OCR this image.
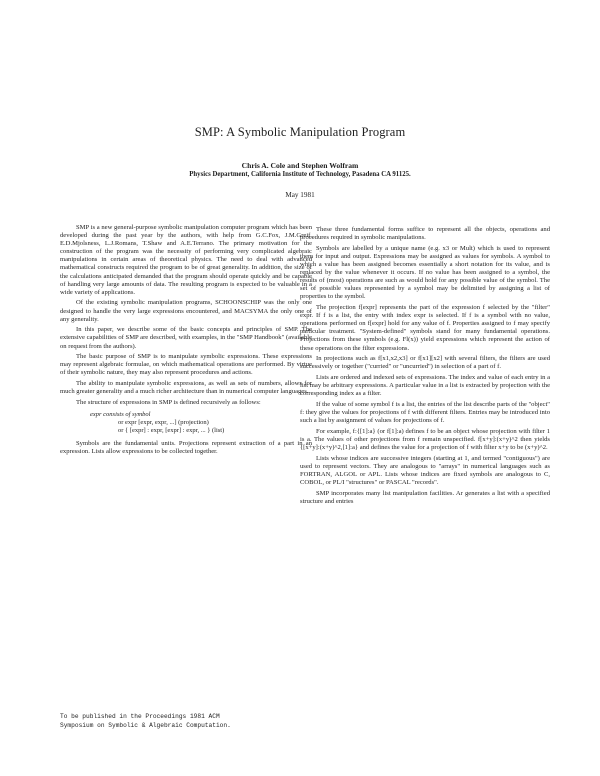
SMP: A Symbolic Manipulation Program
Chris A. Cole and Stephen Wolfram
Physics Department, California Institute of Technology, Pasadena CA 91125.
May 1981

SMP is a new general-purpose symbolic manipulation computer program which has been developed during the past year by the authors, with help from G.C.Fox, J.M.Greif, E.D.Mjolsness, L.J.Romans, T.Shaw and A.E.Terrano. The primary motivation for the construction of the program was the necessity of performing very complicated algebraic manipulations in certain areas of theoretical physics. The need to deal with advanced mathematical constructs required the program to be of great generality. In addition, the size of the calculations anticipated demanded that the program should operate quickly and be capable of handling very large amounts of data. The resulting program is expected to be valuable in a wide variety of applications.

Of the existing symbolic manipulation programs, SCHOONSCHIP was the only one designed to handle the very large expressions encountered, and MACSYMA the only one of any generality.

In this paper, we describe some of the basic concepts and principles of SMP. The extensive capabilities of SMP are described, with examples, in the "SMP Handbook" (available on request from the authors).

The basic purpose of SMP is to manipulate symbolic expressions. These expressions may represent algebraic formulae, on which mathematical operations are performed. By virtue of their symbolic nature, they may also represent procedures and actions.

The ability to manipulate symbolic expressions, as well as sets of numbers, allows for much greater generality and a much richer architecture than in numerical computer languages.

The structure of expressions in SMP is defined recursively as follows:

expr consists of symbol
or expr [expr, expr, ...] (projection)
or { [expr] : expr, [expr] : expr, ... } (list)

Symbols are the fundamental units. Projections represent extraction of a part in an expression. Lists allow expressions to be collected together.

To be published in the Proceedings 1981 ACM
Symposium on Symbolic & Algebraic Computation.

These three fundamental forms suffice to represent all the objects, operations and procedures required in symbolic manipulations.

Symbols are labelled by a unique name (e.g. x3 or Mult) which is used to represent them for input and output. Expressions may be assigned as values for symbols. A symbol to which a value has been assigned becomes essentially a short notation for its value, and is replaced by the value whenever it occurs. If no value has been assigned to a symbol, the results of (most) operations are such as would hold for any possible value of the symbol. The set of possible values represented by a symbol may be delimited by assigning a list of properties to the symbol.

The projection f[expr] represents the part of the expression f selected by the "filter" expr. If f is a list, the entry with index expr is selected. If f is a symbol with no value, operations performed on f[expr] hold for any value of f. Properties assigned to f may specify particular treatment. "System-defined" symbols stand for many fundamental operations. Projections from these symbols (e.g. Fl(x)) yield expressions which represent the action of these operations on the filter expressions.

In projections such as f[x1,x2,x3] or f[x1][x2] with several filters, the filters are used successively or together ("curried" or "uncurried") in selection of a part of f.

Lists are ordered and indexed sets of expressions. The index and value of each entry in a list may be arbitrary expressions. A particular value in a list is extracted by projection with the corresponding index as a filter.

If the value of some symbol f is a list, the entries of the list describe parts of the "object" f: they give the values for projections of f with different filters. Entries may be introduced into such a list by assignment of values for projections of f.

For example, f:{[1]:a} (or f[1]:a) defines f to be an object whose projection with filter 1 is a. The values of other projections from f remain unspecified. f[x+y]:(x+y)^2 then yields {[x+y]:(x+y)^2,[1]:a} and defines the value for a projection of f with filter x+y to be (x+y)^2.

Lists whose indices are successive integers (starting at 1, and termed "contiguous") are used to represent vectors. They are analogous to "arrays" in numerical languages such as FORTRAN, ALGOL or APL. Lists whose indices are fixed symbols are analogous to C, COBOL, or PL/I "structures" or PASCAL "records".

SMP incorporates many list manipulation facilities. Ar generates a list with a specified structure and entries
